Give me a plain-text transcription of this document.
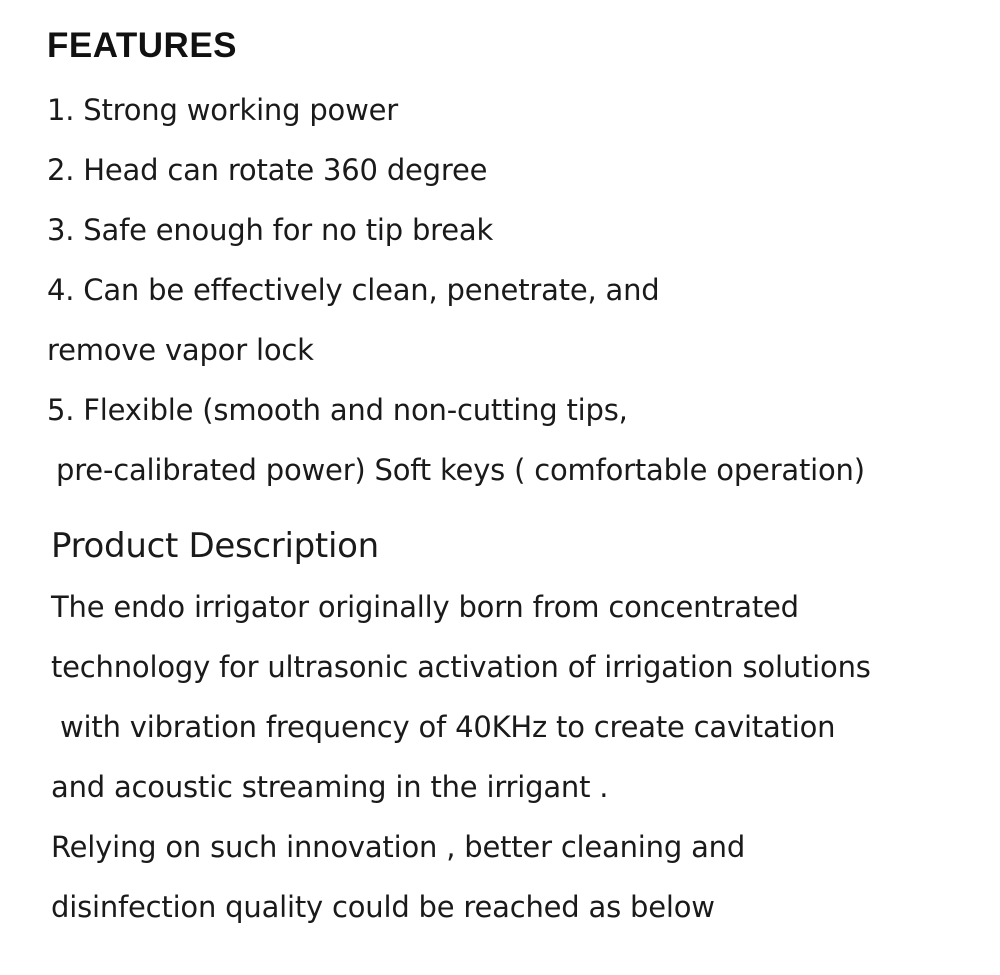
FEATURES
1. Strong working power
2. Head can rotate 360 degree
3. Safe enough for no tip break
4. Can be effectively clean, penetrate, and
remove vapor lock
5. Flexible (smooth and non-cutting tips,
pre-calibrated power) Soft keys ( comfortable operation)
Product Description
The endo irrigator originally born from concentrated
technology for ultrasonic activation of irrigation solutions
with vibration frequency of 40KHz to create cavitation
and acoustic streaming in the irrigant .
Relying on such innovation , better cleaning and
disinfection quality could be reached as below
